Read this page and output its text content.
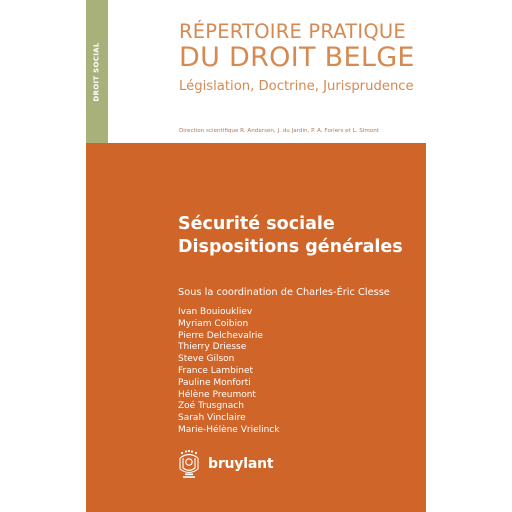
DROIT SOCIAL
RÉPERTOIRE PRATIQUE
DU DROIT BELGE
Législation, Doctrine, Jurisprudence
Direction scientifique R. Andersen, J. du Jardin, P. A. Foriers et L. Simont
Sécurité sociale
Dispositions générales
Sous la coordination de Charles-Éric Clesse
Ivan Bouioukliev
Myriam Coibion
Pierre Delchevalrie
Thierry Driesse
Steve Gilson
France Lambinet
Pauline Monforti
Hélène Preumont
Zoé Trusgnach
Sarah Vinclaire
Marie-Hélène Vrielinck
bruylant
